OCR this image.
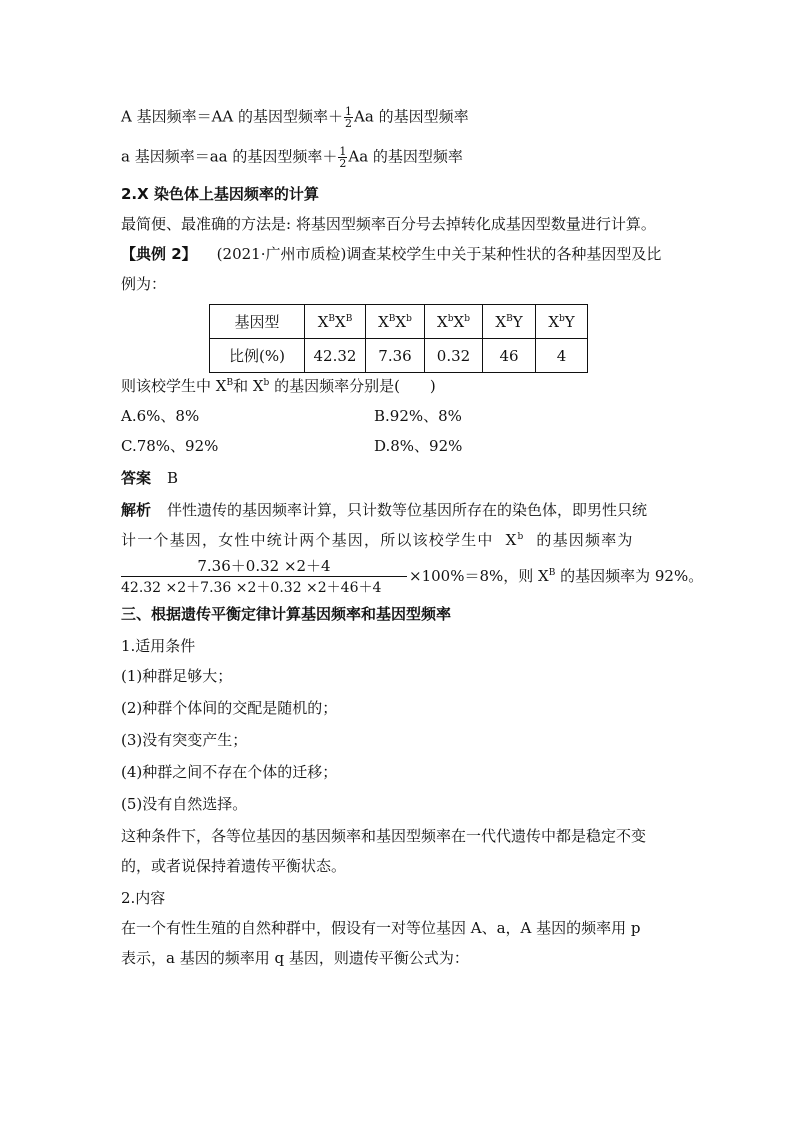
A 基因频率＝AA 的基因型频率＋ $\frac{1}{2}$ Aa 的基因型频率
a 基因频率＝aa 的基因型频率＋ $\frac{1}{2}$ Aa 的基因型频率
2.X 染色体上基因频率的计算
最简便、最准确的方法是: 将基因型频率百分号去掉转化成基因型数量进行计算。
【典例 2】 (2021·广州市质检)调查某校学生中关于某种性状的各种基因型及比
例为：
基因型	$X^BX^B$	$X^BX^b$	$X^bX^b$	$X^BY$	$X^bY$
比例(%)	42.32	7.36	0.32	46	4
则该校学生中 $X^B$和 $X^b$ 的基因频率分别是(　　)
A.6%、8%	B.92%、8%
C.78%、92%	D.8%、92%
答案 B
解析 伴性遗传的基因频率计算，只计数等位基因所存在的染色体，即男性只统
计一个基因，女性中统计两个基因，所以该校学生中 $X^b$ 的基因频率为
7.36＋0.32 ×2＋4
42.32 ×2＋7.36 ×2＋0.32 ×2＋46＋4
×100%＝8%，则 $X^B$ 的基因频率为 92%。
三、根据遗传平衡定律计算基因频率和基因型频率
1.适用条件
(1)种群足够大；
(2)种群个体间的交配是随机的；
(3)没有突变产生；
(4)种群之间不存在个体的迁移；
(5)没有自然选择。
这种条件下，各等位基因的基因频率和基因型频率在一代代遗传中都是稳定不变
的，或者说保持着遗传平衡状态。
2.内容
在一个有性生殖的自然种群中，假设有一对等位基因 A、a，A 基因的频率用 p
表示，a 基因的频率用 q 基因，则遗传平衡公式为：
